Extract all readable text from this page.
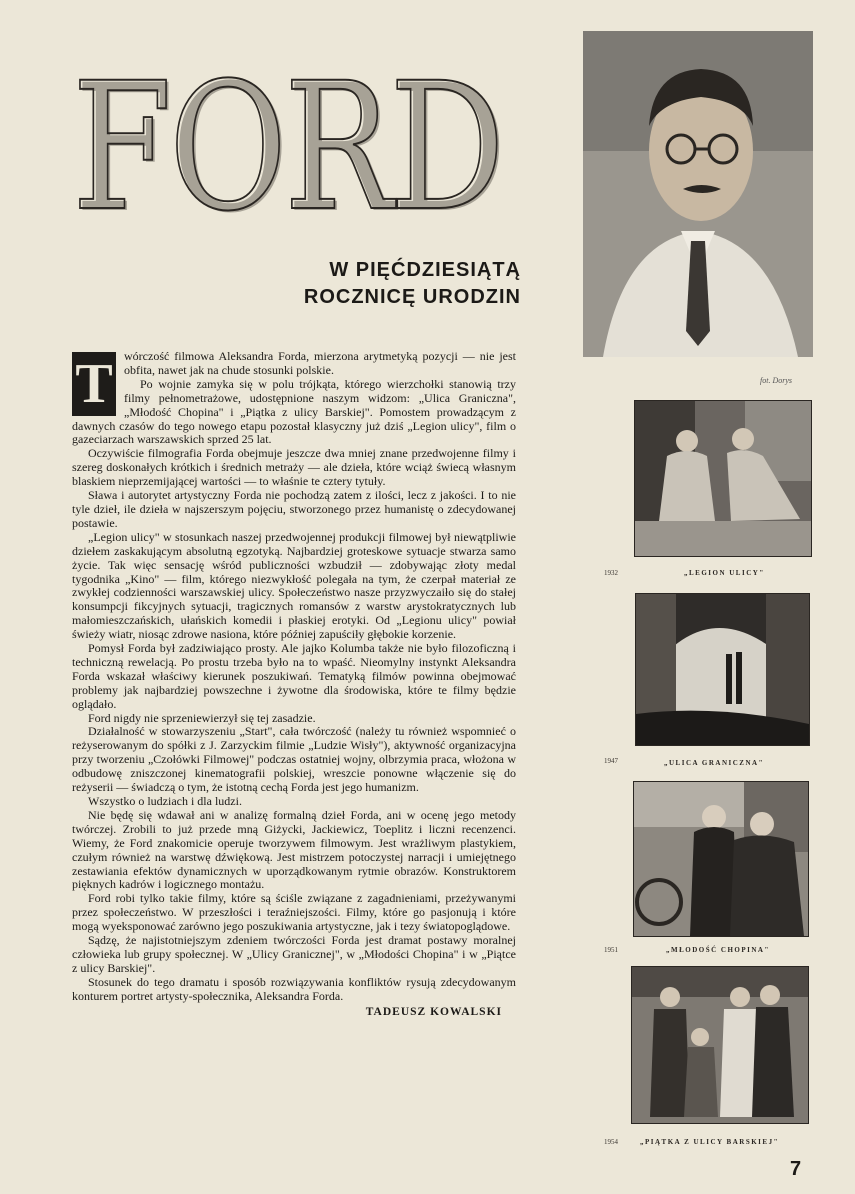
FORD
W PIĘĆDZIESIĄTĄ
ROCZNICĘ URODZIN
fot. Dorys
1932	„LEGION ULICY"
1947	„ULICA GRANICZNA"
1951	„MŁODOŚĆ CHOPINA"
1954	„PIĄTKA Z ULICY BARSKIEJ"
T wórczość filmowa Aleksandra Forda, mierzona arytmetyką pozycji — nie jest obfita, nawet jak na chude stosunki polskie.

Po wojnie zamyka się w polu trójkąta, którego wierzchołki stanowią trzy filmy pełnometrażowe, udostępnione naszym widzom: „Ulica Graniczna", „Młodość Chopina" i „Piątka z ulicy Barskiej". Pomostem prowadzącym z dawnych czasów do tego nowego etapu pozostał klasyczny już dziś „Legion ulicy", film o gazeciarzach warszawskich sprzed 25 lat.

Oczywiście filmografia Forda obejmuje jeszcze dwa mniej znane przedwojenne filmy i szereg doskonałych krótkich i średnich metraży — ale dzieła, które wciąż świecą własnym blaskiem nieprzemijającej wartości — to właśnie te cztery tytuły.

Sława i autorytet artystyczny Forda nie pochodzą zatem z ilości, lecz z jakości. I to nie tyle dzieł, ile dzieła w najszerszym pojęciu, stworzonego przez humanistę o zdecydowanej postawie.

„Legion ulicy" w stosunkach naszej przedwojennej produkcji filmowej był niewątpliwie dziełem zaskakującym absolutną egzotyką. Najbardziej groteskowe sytuacje stwarza samo życie. Tak więc sensację wśród publiczności wzbudził — zdobywając złoty medal tygodnika „Kino" — film, którego niezwykłość polegała na tym, że czerpał materiał ze zwykłej codzienności warszawskiej ulicy. Społeczeństwo nasze przyzwyczaiło się do stałej konsumpcji fikcyjnych sytuacji, tragicznych romansów z warstw arystokratycznych lub małomieszczańskich, ułańskich komedii i płaskiej erotyki. Od „Legionu ulicy" powiał świeży wiatr, niosąc zdrowe nasiona, które później zapuściły głębokie korzenie.

Pomysł Forda był zadziwiająco prosty. Ale jajko Kolumba także nie było filozoficzną i techniczną rewelacją. Po prostu trzeba było na to wpaść. Nieomylny instynkt Aleksandra Forda wskazał właściwy kierunek poszukiwań. Tematyką filmów powinna obejmować problemy jak najbardziej powszechne i żywotne dla środowiska, które te filmy będzie oglądało.

Ford nigdy nie sprzeniewierzył się tej zasadzie.

Działalność w stowarzyszeniu „Start", cała twórczość (należy tu również wspomnieć o reżyserowanym do spółki z J. Zarzyckim filmie „Ludzie Wisły"), aktywność organizacyjna przy tworzeniu „Czołówki Filmowej" podczas ostatniej wojny, olbrzymia praca, włożona w odbudowę zniszczonej kinematografii polskiej, wreszcie ponowne włączenie się do reżyserii — świadczą o tym, że istotną cechą Forda jest jego humanizm.

Wszystko o ludziach i dla ludzi.

Nie będę się wdawał ani w analizę formalną dzieł Forda, ani w ocenę jego metody twórczej. Zrobili to już przede mną Giżycki, Jackiewicz, Toeplitz i liczni recenzenci. Wiemy, że Ford znakomicie operuje tworzywem filmowym. Jest wrażliwym plastykiem, czułym również na warstwę dźwiękową. Jest mistrzem potoczystej narracji i umiejętnego zestawiania efektów dynamicznych w uporządkowanym rytmie obrazów. Konstruktorem pięknych kadrów i logicznego montażu.

Ford robi tylko takie filmy, które są ściśle związane z zagadnieniami, przeżywanymi przez społeczeństwo. W przeszłości i teraźniejszości. Filmy, które go pasjonują i które mogą wyeksponować zarówno jego poszukiwania artystyczne, jak i tezy światopoglądowe.

Sądzę, że najistotniejszym zdeniem twórczości Forda jest dramat postawy moralnej człowieka lub grupy społecznej. W „Ulicy Granicznej", w „Młodości Chopina" i w „Piątce z ulicy Barskiej".

Stosunek do tego dramatu i sposób rozwiązywania konfliktów rysują zdecydowanym konturem portret artysty-społecznika, Aleksandra Forda.

TADEUSZ KOWALSKI
7
